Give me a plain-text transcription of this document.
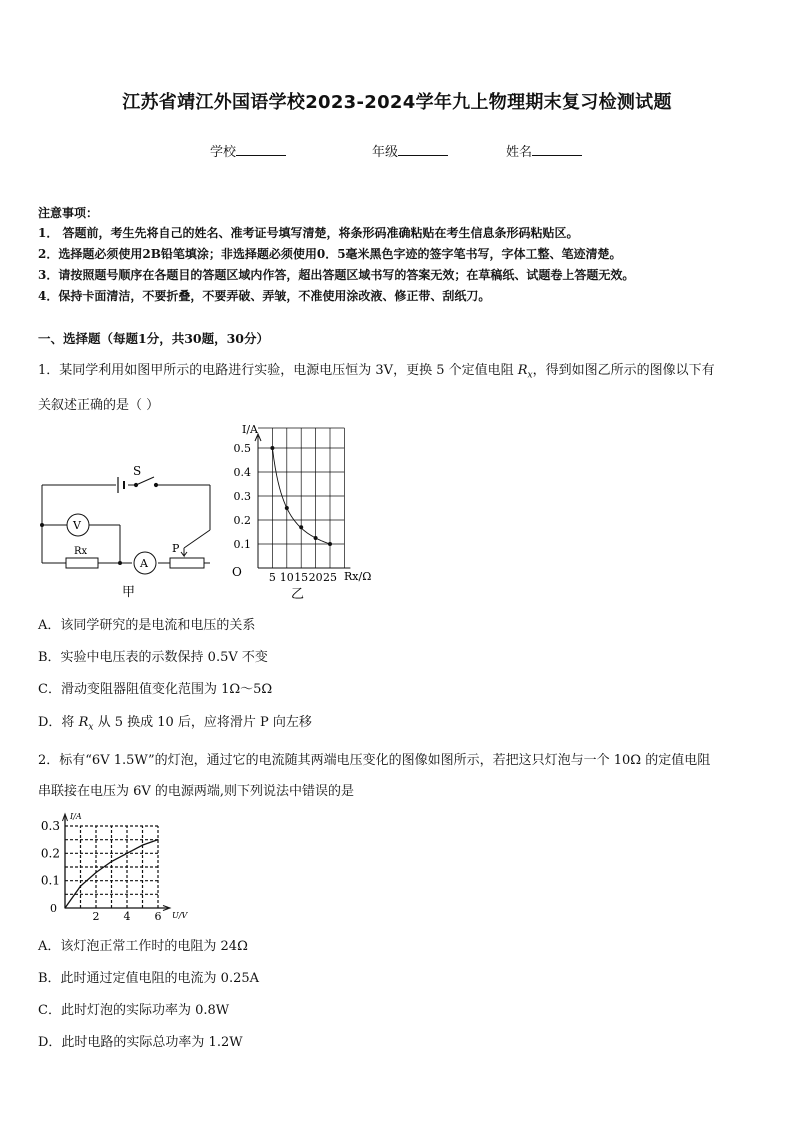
江苏省靖江外国语学校2023-2024学年九上物理期末复习检测试题
学校	年级	姓名
注意事项：
1． 答题前，考生先将自己的姓名、准考证号填写清楚，将条形码准确粘贴在考生信息条形码粘贴区。
2．选择题必须使用2B铅笔填涂；非选择题必须使用0．5毫米黑色字迹的签字笔书写，字体工整、笔迹清楚。
3．请按照题号顺序在各题目的答题区域内作答，超出答题区域书写的答案无效；在草稿纸、试题卷上答题无效。
4．保持卡面清洁，不要折叠，不要弄破、弄皱，不准使用涂改液、修正带、刮纸刀。
一、选择题（每题1分，共30题，30分）
1．某同学利用如图甲所示的电路进行实验，电源电压恒为 3V，更换 5 个定值电阻 $R_x$，得到如图乙所示的图像以下有
关叙述正确的是（ ）
S
V
Rx
A
P
甲
0.5
0.4
0.3
0.2
0.1
5 10 15 20 25
I/A
Rx/Ω
O
乙
A．该同学研究的是电流和电压的关系
B．实验中电压表的示数保持 0.5V 不变
C．滑动变阻器阻值变化范围为 1Ω～5Ω
D．将 $R_x$ 从 5 换成 10 后，应将滑片 P 向左移
2．标有“6V 1.5W”的灯泡，通过它的电流随其两端电压变化的图像如图所示，若把这只灯泡与一个 10Ω 的定值电阻
串联接在电压为 6V 的电源两端,则下列说法中错误的是
0.3
0.2
0.1
2 4 6
I/A
U/V
0
A．该灯泡正常工作时的电阻为 24Ω
B．此时通过定值电阻的电流为 0.25A
C．此时灯泡的实际功率为 0.8W
D．此时电路的实际总功率为 1.2W
